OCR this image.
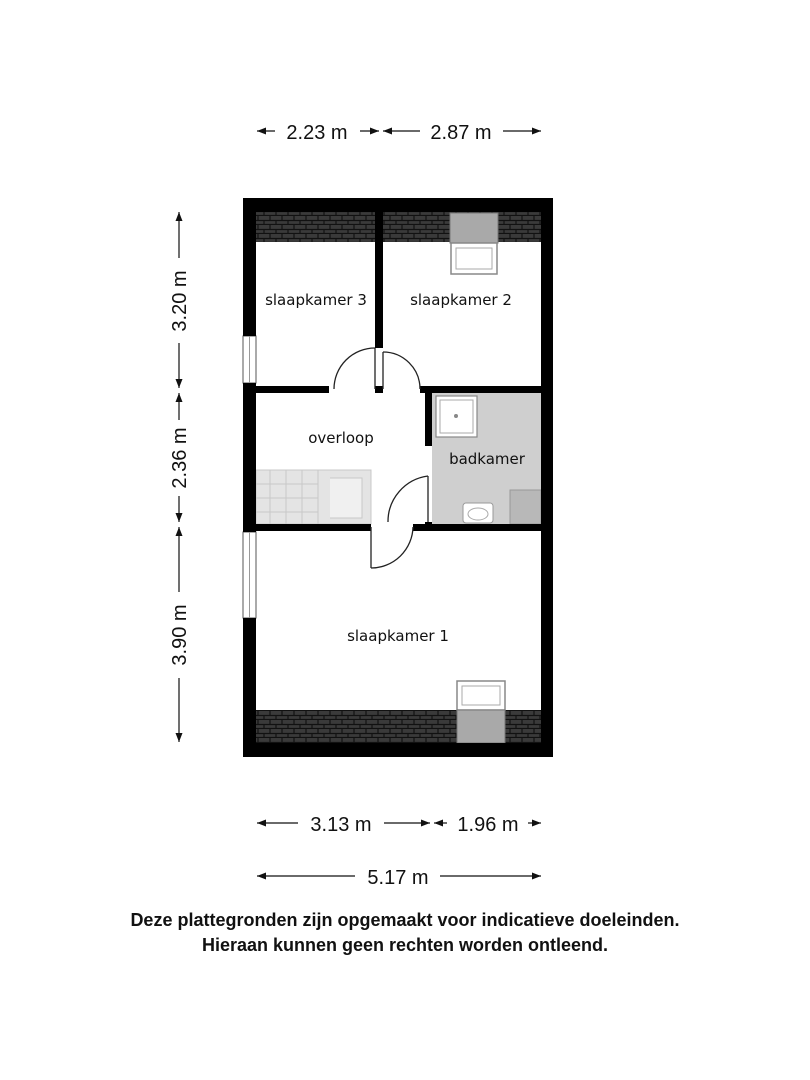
2.23 m	2.87 m
3.20 m
2.36 m
3.90 m
3.13 m	1.96 m
5.17 m
slaapkamer 3	slaapkamer 2
overloop
badkamer
slaapkamer 1
Deze plattegronden zijn opgemaakt voor indicatieve doeleinden.
Hieraan kunnen geen rechten worden ontleend.
